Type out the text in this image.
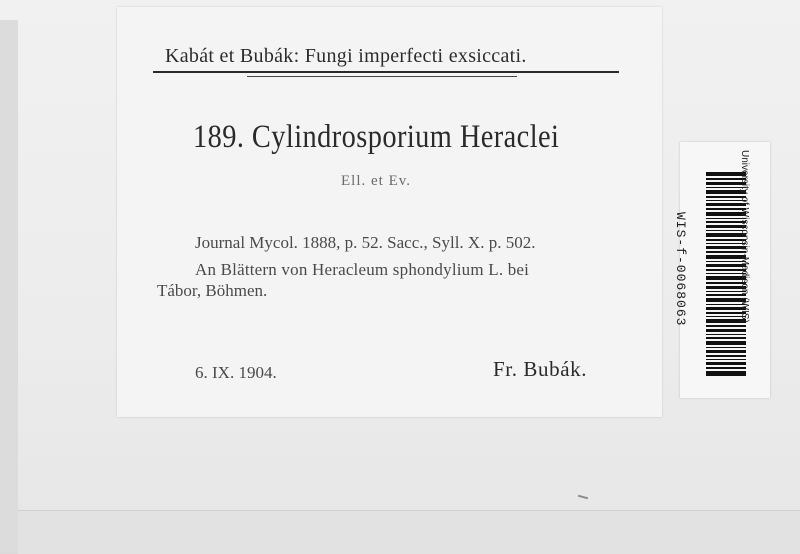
Kabát et Bubák: Fungi imperfecti exsiccati.
189. Cylindrosporium Heraclei
Ell. et Ev.
Journal Mycol. 1888, p. 52. Sacc., Syll. X. p. 502.
An Blättern von Heracleum sphondylium L. bei
Tábor, Böhmen.
6. IX. 1904.	Fr. Bubák.
WIS-f-0068063	University of Wisconsin-Madison (WIS)
